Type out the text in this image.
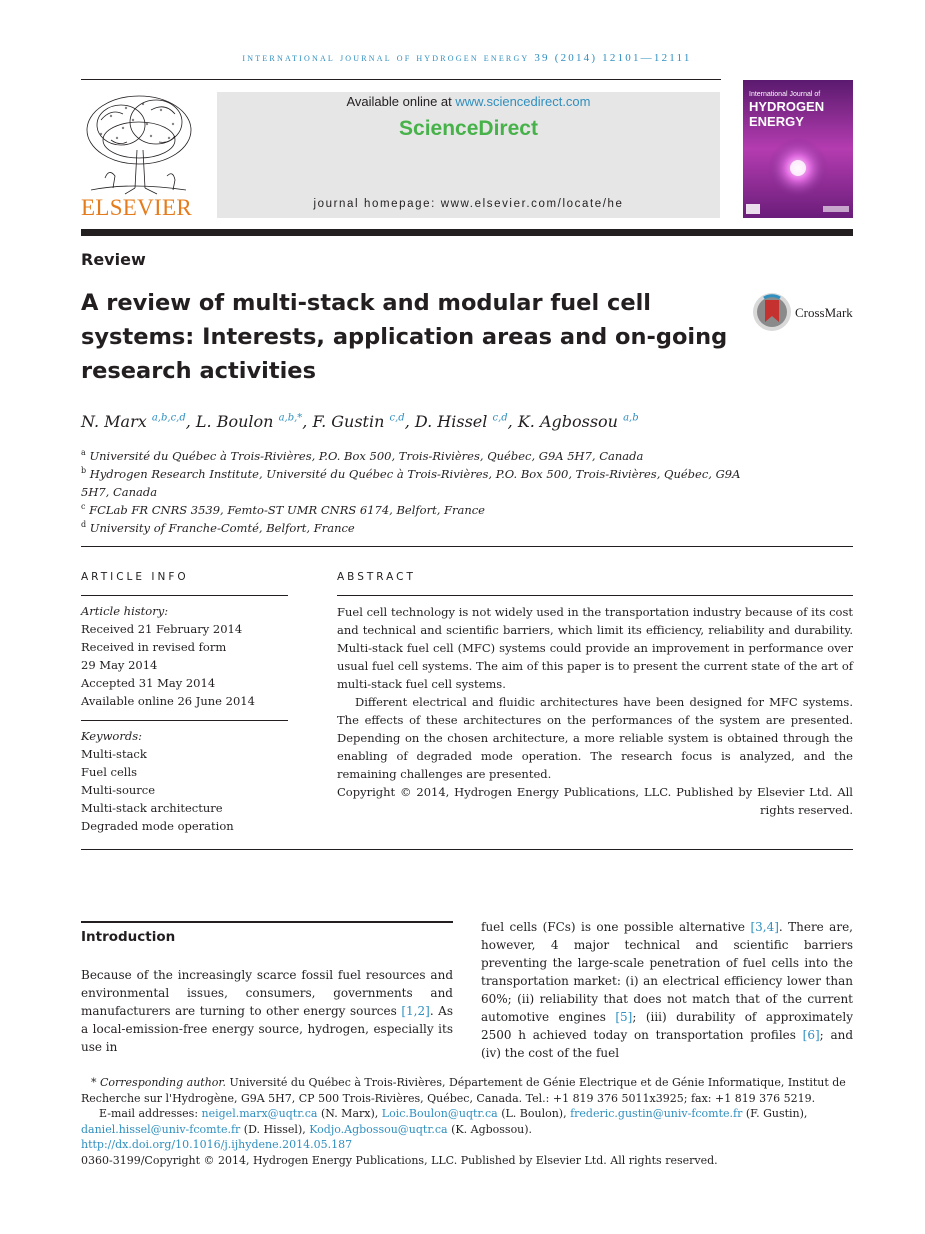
international journal of hydrogen energy 39 (2014) 12101—12111
ELSEVIER
Available online at www.sciencedirect.com
ScienceDirect
journal homepage: www.elsevier.com/locate/he
International Journal of
HYDROGEN
ENERGY
Review
A review of multi-stack and modular fuel cell systems: Interests, application areas and on-going research activities
CrossMark
N. Marx $^{a,b,c,d}$, L. Boulon $^{a,b,*}$, F. Gustin $^{c,d}$, D. Hissel $^{c,d}$, K. Agbossou $^{a,b}$
$^a$ Université du Québec à Trois-Rivières, P.O. Box 500, Trois-Rivières, Québec, G9A 5H7, Canada
$^b$ Hydrogen Research Institute, Université du Québec à Trois-Rivières, P.O. Box 500, Trois-Rivières, Québec, G9A 5H7, Canada
$^c$ FCLab FR CNRS 3539, Femto-ST UMR CNRS 6174, Belfort, France
$^d$ University of Franche-Comté, Belfort, France
ARTICLE INFO
Article history:
Received 21 February 2014
Received in revised form
29 May 2014
Accepted 31 May 2014
Available online 26 June 2014
Keywords:
Multi-stack
Fuel cells
Multi-source
Multi-stack architecture
Degraded mode operation
ABSTRACT

Fuel cell technology is not widely used in the transportation industry because of its cost and technical and scientific barriers, which limit its efficiency, reliability and durability. Multi-stack fuel cell (MFC) systems could provide an improvement in performance over usual fuel cell systems. The aim of this paper is to present the current state of the art of multi-stack fuel cell systems.

Different electrical and fluidic architectures have been designed for MFC systems. The effects of these architectures on the performances of the system are presented. Depending on the chosen architecture, a more reliable system is obtained through the enabling of degraded mode operation. The research focus is analyzed, and the remaining challenges are presented.

Copyright © 2014, Hydrogen Energy Publications, LLC. Published by Elsevier Ltd. All rights reserved.

Introduction
Because of the increasingly scarce fossil fuel resources and environmental issues, consumers, governments and manufacturers are turning to other energy sources [1,2]. As a local-emission-free energy source, hydrogen, especially its use in
fuel cells (FCs) is one possible alternative [3,4]. There are, however, 4 major technical and scientific barriers preventing the large-scale penetration of fuel cells into the transportation market: (i) an electrical efficiency lower than 60%; (ii) reliability that does not match that of the current automotive engines [5]; (iii) durability of approximately 2500 h achieved today on transportation profiles [6]; and (iv) the cost of the fuel

* Corresponding author. Université du Québec à Trois-Rivières, Département de Génie Electrique et de Génie Informatique, Institut de Recherche sur l'Hydrogène, G9A 5H7, CP 500 Trois-Rivières, Québec, Canada. Tel.: +1 819 376 5011x3925; fax: +1 819 376 5219.

E-mail addresses: neigel.marx@uqtr.ca (N. Marx), Loic.Boulon@uqtr.ca (L. Boulon), frederic.gustin@univ-fcomte.fr (F. Gustin), daniel.hissel@univ-fcomte.fr (D. Hissel), Kodjo.Agbossou@uqtr.ca (K. Agbossou).

http://dx.doi.org/10.1016/j.ijhydene.2014.05.187

0360-3199/Copyright © 2014, Hydrogen Energy Publications, LLC. Published by Elsevier Ltd. All rights reserved.
